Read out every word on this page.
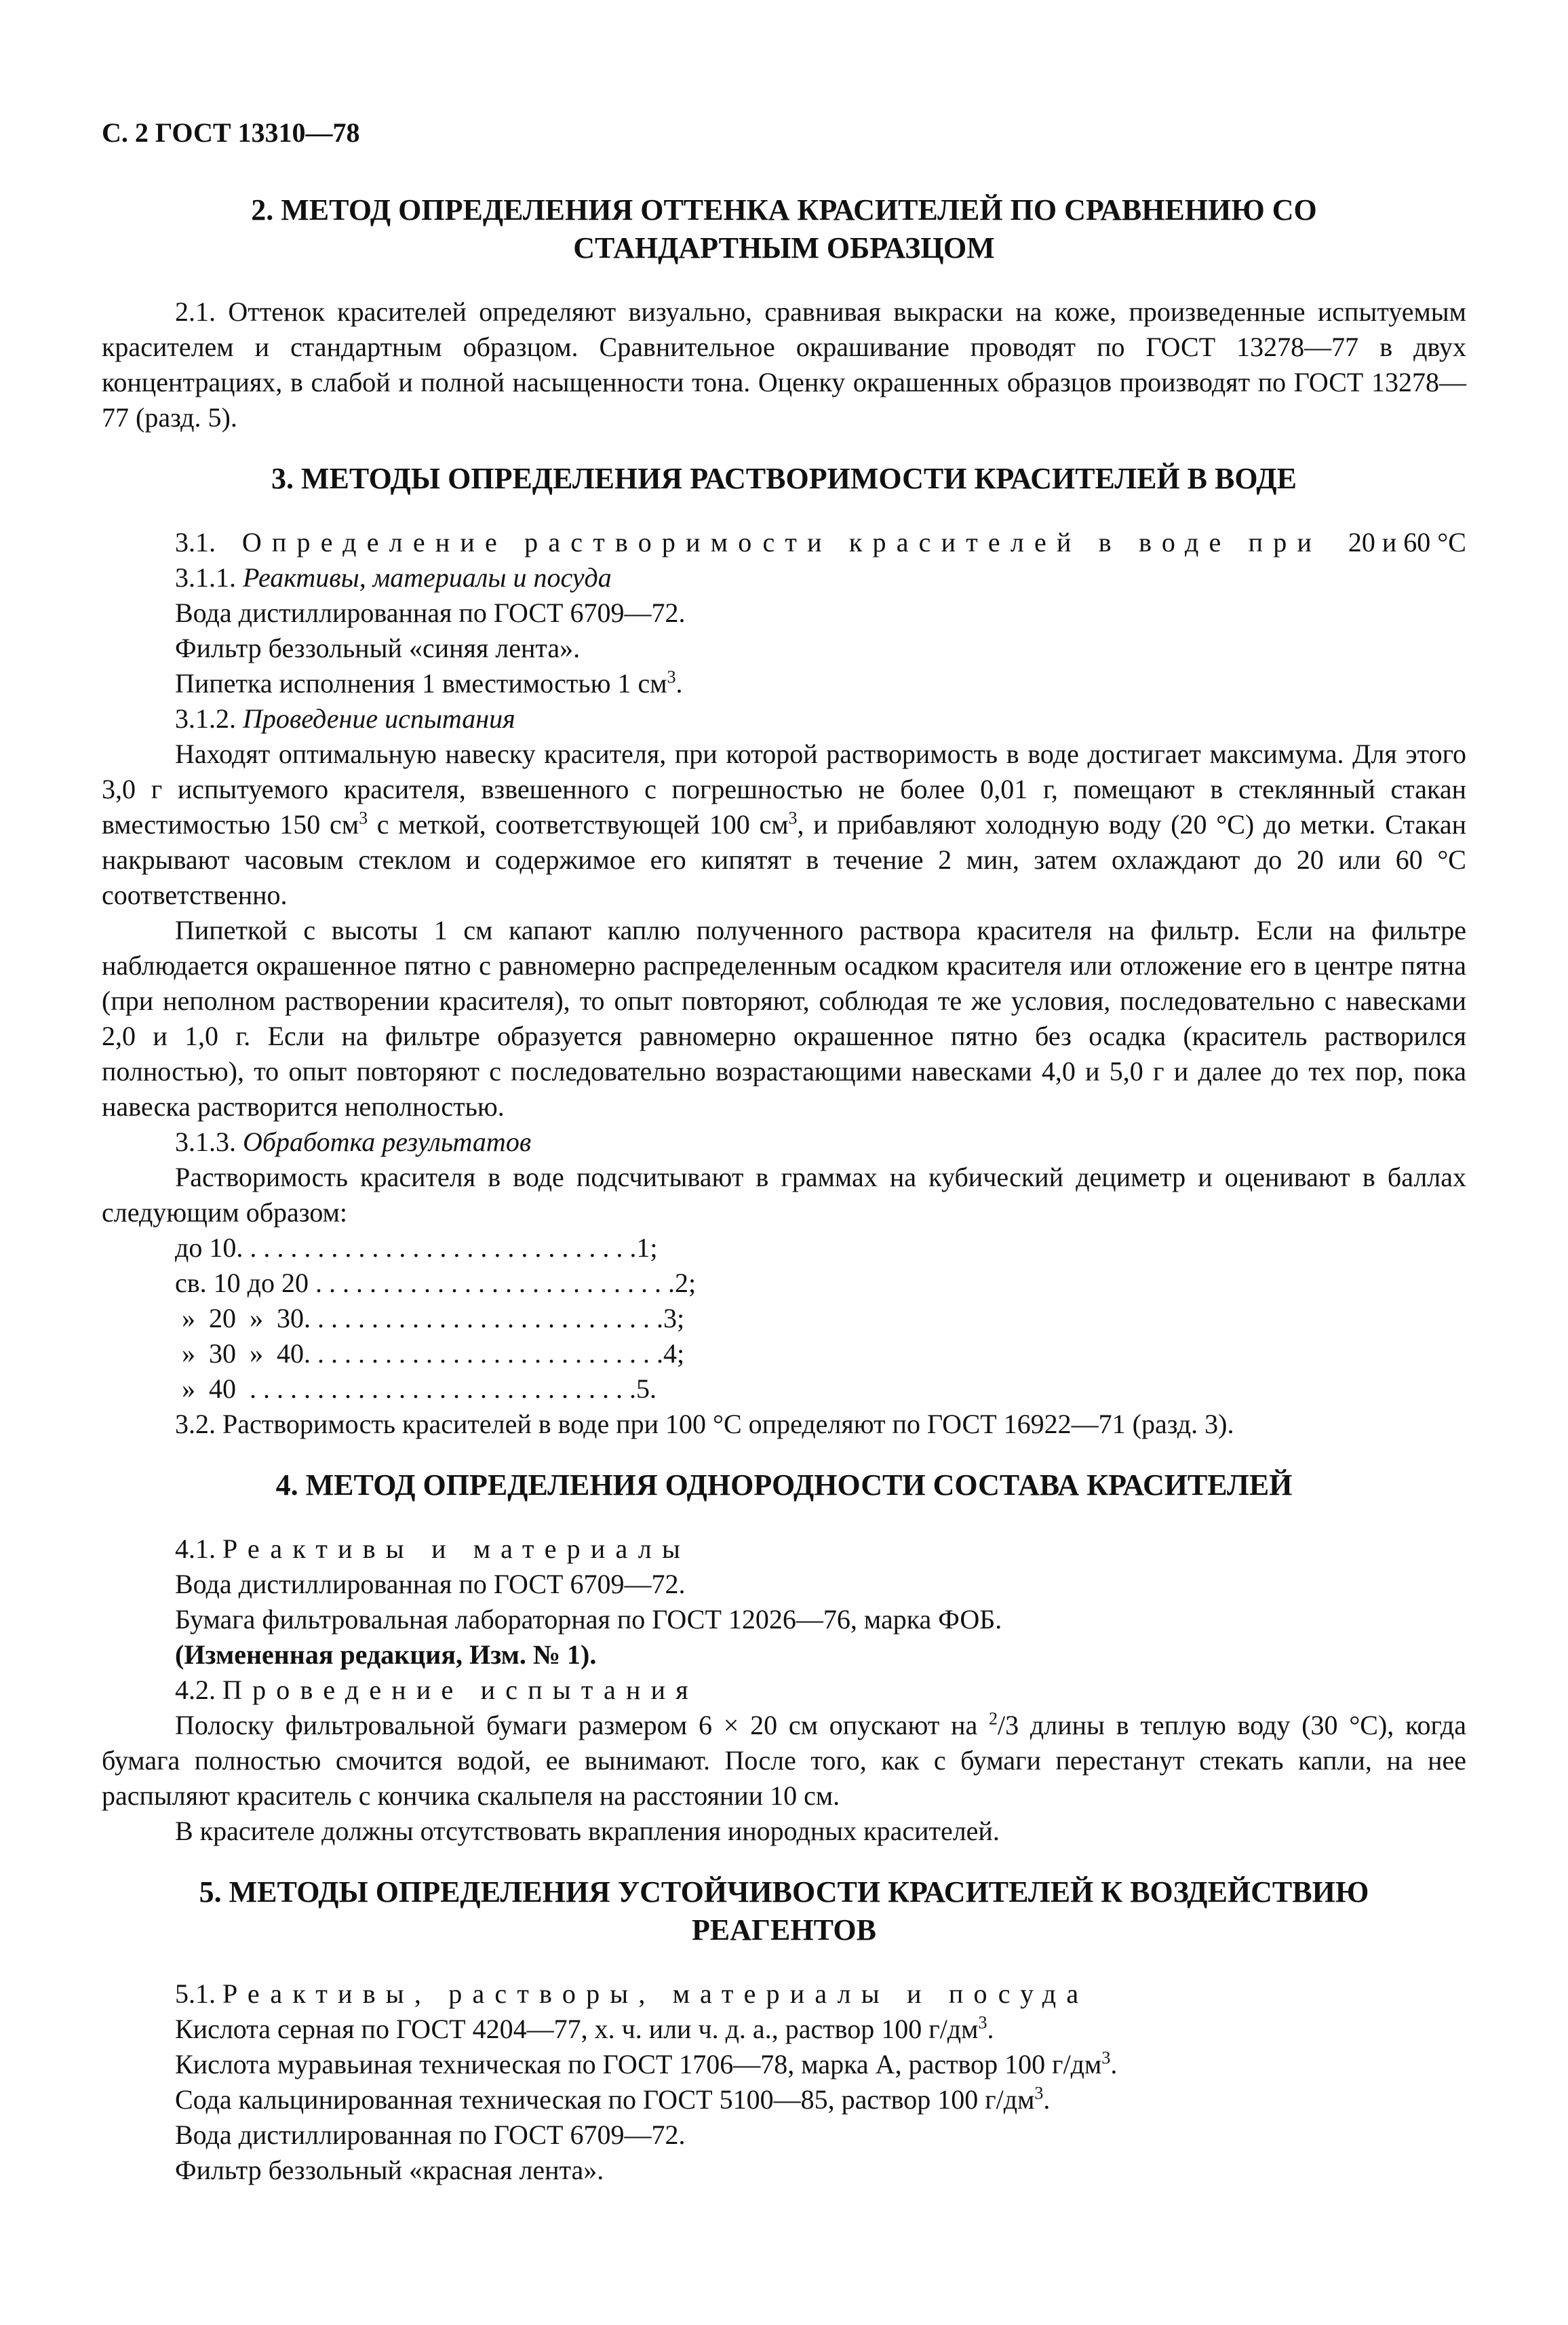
С. 2 ГОСТ 13310—78
2. МЕТОД ОПРЕДЕЛЕНИЯ ОТТЕНКА КРАСИТЕЛЕЙ ПО СРАВНЕНИЮ СО СТАНДАРТНЫМ ОБРАЗЦОМ

2.1. Оттенок красителей определяют визуально, сравнивая выкраски на коже, произведенные испытуемым красителем и стандартным образцом. Сравнительное окрашивание проводят по ГОСТ 13278—77 в двух концентрациях, в слабой и полной насыщенности тона. Оценку окрашенных образцов производят по ГОСТ 13278—77 (разд. 5).

3. МЕТОДЫ ОПРЕДЕЛЕНИЯ РАСТВОРИМОСТИ КРАСИТЕЛЕЙ В ВОДЕ
3.1. Определение растворимости красителей в воде при 20 и 60 °С

3.1.1. Реактивы, материалы и посуда

Вода дистиллированная по ГОСТ 6709—72.

Фильтр беззольный «синяя лента».

Пипетка исполнения 1 вместимостью 1 $см^3$.

3.1.2. Проведение испытания

Находят оптимальную навеску красителя, при которой растворимость в воде достигает максимума. Для этого 3,0 г испытуемого красителя, взвешенного с погрешностью не более 0,01 г, помещают в стеклянный стакан вместимостью 150 $см^3$ с меткой, соответствующей 100 $см^3$, и прибавляют холодную воду (20 °С) до метки. Стакан накрывают часовым стеклом и содержимое его кипятят в течение 2 мин, затем охлаждают до 20 или 60 °С соответственно.

Пипеткой с высоты 1 см капают каплю полученного раствора красителя на фильтр. Если на фильтре наблюдается окрашенное пятно с равномерно распределенным осадком красителя или отложение его в центре пятна (при неполном растворении красителя), то опыт повторяют, соблюдая те же условия, последовательно с навесками 2,0 и 1,0 г. Если на фильтре образуется равномерно окрашенное пятно без осадка (краситель растворился полностью), то опыт повторяют с последовательно возрастающими навесками 4,0 и 5,0 г и далее до тех пор, пока навеска растворится неполностью.

3.1.3. Обработка результатов

Растворимость красителя в воде подсчитывают в граммах на кубический дециметр и оценивают в баллах следующим образом:

до 10. . . . . . . . . . . . . . . . . . . . . . . . . . . . . . 1;
св. 10 до 20 . . . . . . . . . . . . . . . . . . . . . . . . . . . 2;
»  20  »  30. . . . . . . . . . . . . . . . . . . . . . . . . . . 3;
»  30  »  40. . . . . . . . . . . . . . . . . . . . . . . . . . . 4;
»  40  . . . . . . . . . . . . . . . . . . . . . . . . . . . . . 5.

3.2. Растворимость красителей в воде при 100 °С определяют по ГОСТ 16922—71 (разд. 3).

4. МЕТОД ОПРЕДЕЛЕНИЯ ОДНОРОДНОСТИ СОСТАВА КРАСИТЕЛЕЙ

4.1. Реактивы и материалы

Вода дистиллированная по ГОСТ 6709—72.

Бумага фильтровальная лабораторная по ГОСТ 12026—76, марка ФОБ.

(Измененная редакция, Изм. № 1).

4.2. Проведение испытания

Полоску фильтровальной бумаги размером 6 × 20 см опускают на $^2$/3 длины в теплую воду (30 °С), когда бумага полностью смочится водой, ее вынимают. После того, как с бумаги перестанут стекать капли, на нее распыляют краситель с кончика скальпеля на расстоянии 10 см.

В красителе должны отсутствовать вкрапления инородных красителей.

5. МЕТОДЫ ОПРЕДЕЛЕНИЯ УСТОЙЧИВОСТИ КРАСИТЕЛЕЙ К ВОЗДЕЙСТВИЮ РЕАГЕНТОВ

5.1. Реактивы, растворы, материалы и посуда

Кислота серная по ГОСТ 4204—77, х. ч. или ч. д. а., раствор 100 $г/дм^3$.

Кислота муравьиная техническая по ГОСТ 1706—78, марка А, раствор 100 $г/дм^3$.

Сода кальцинированная техническая по ГОСТ 5100—85, раствор 100 $г/дм^3$.

Вода дистиллированная по ГОСТ 6709—72.

Фильтр беззольный «красная лента».
